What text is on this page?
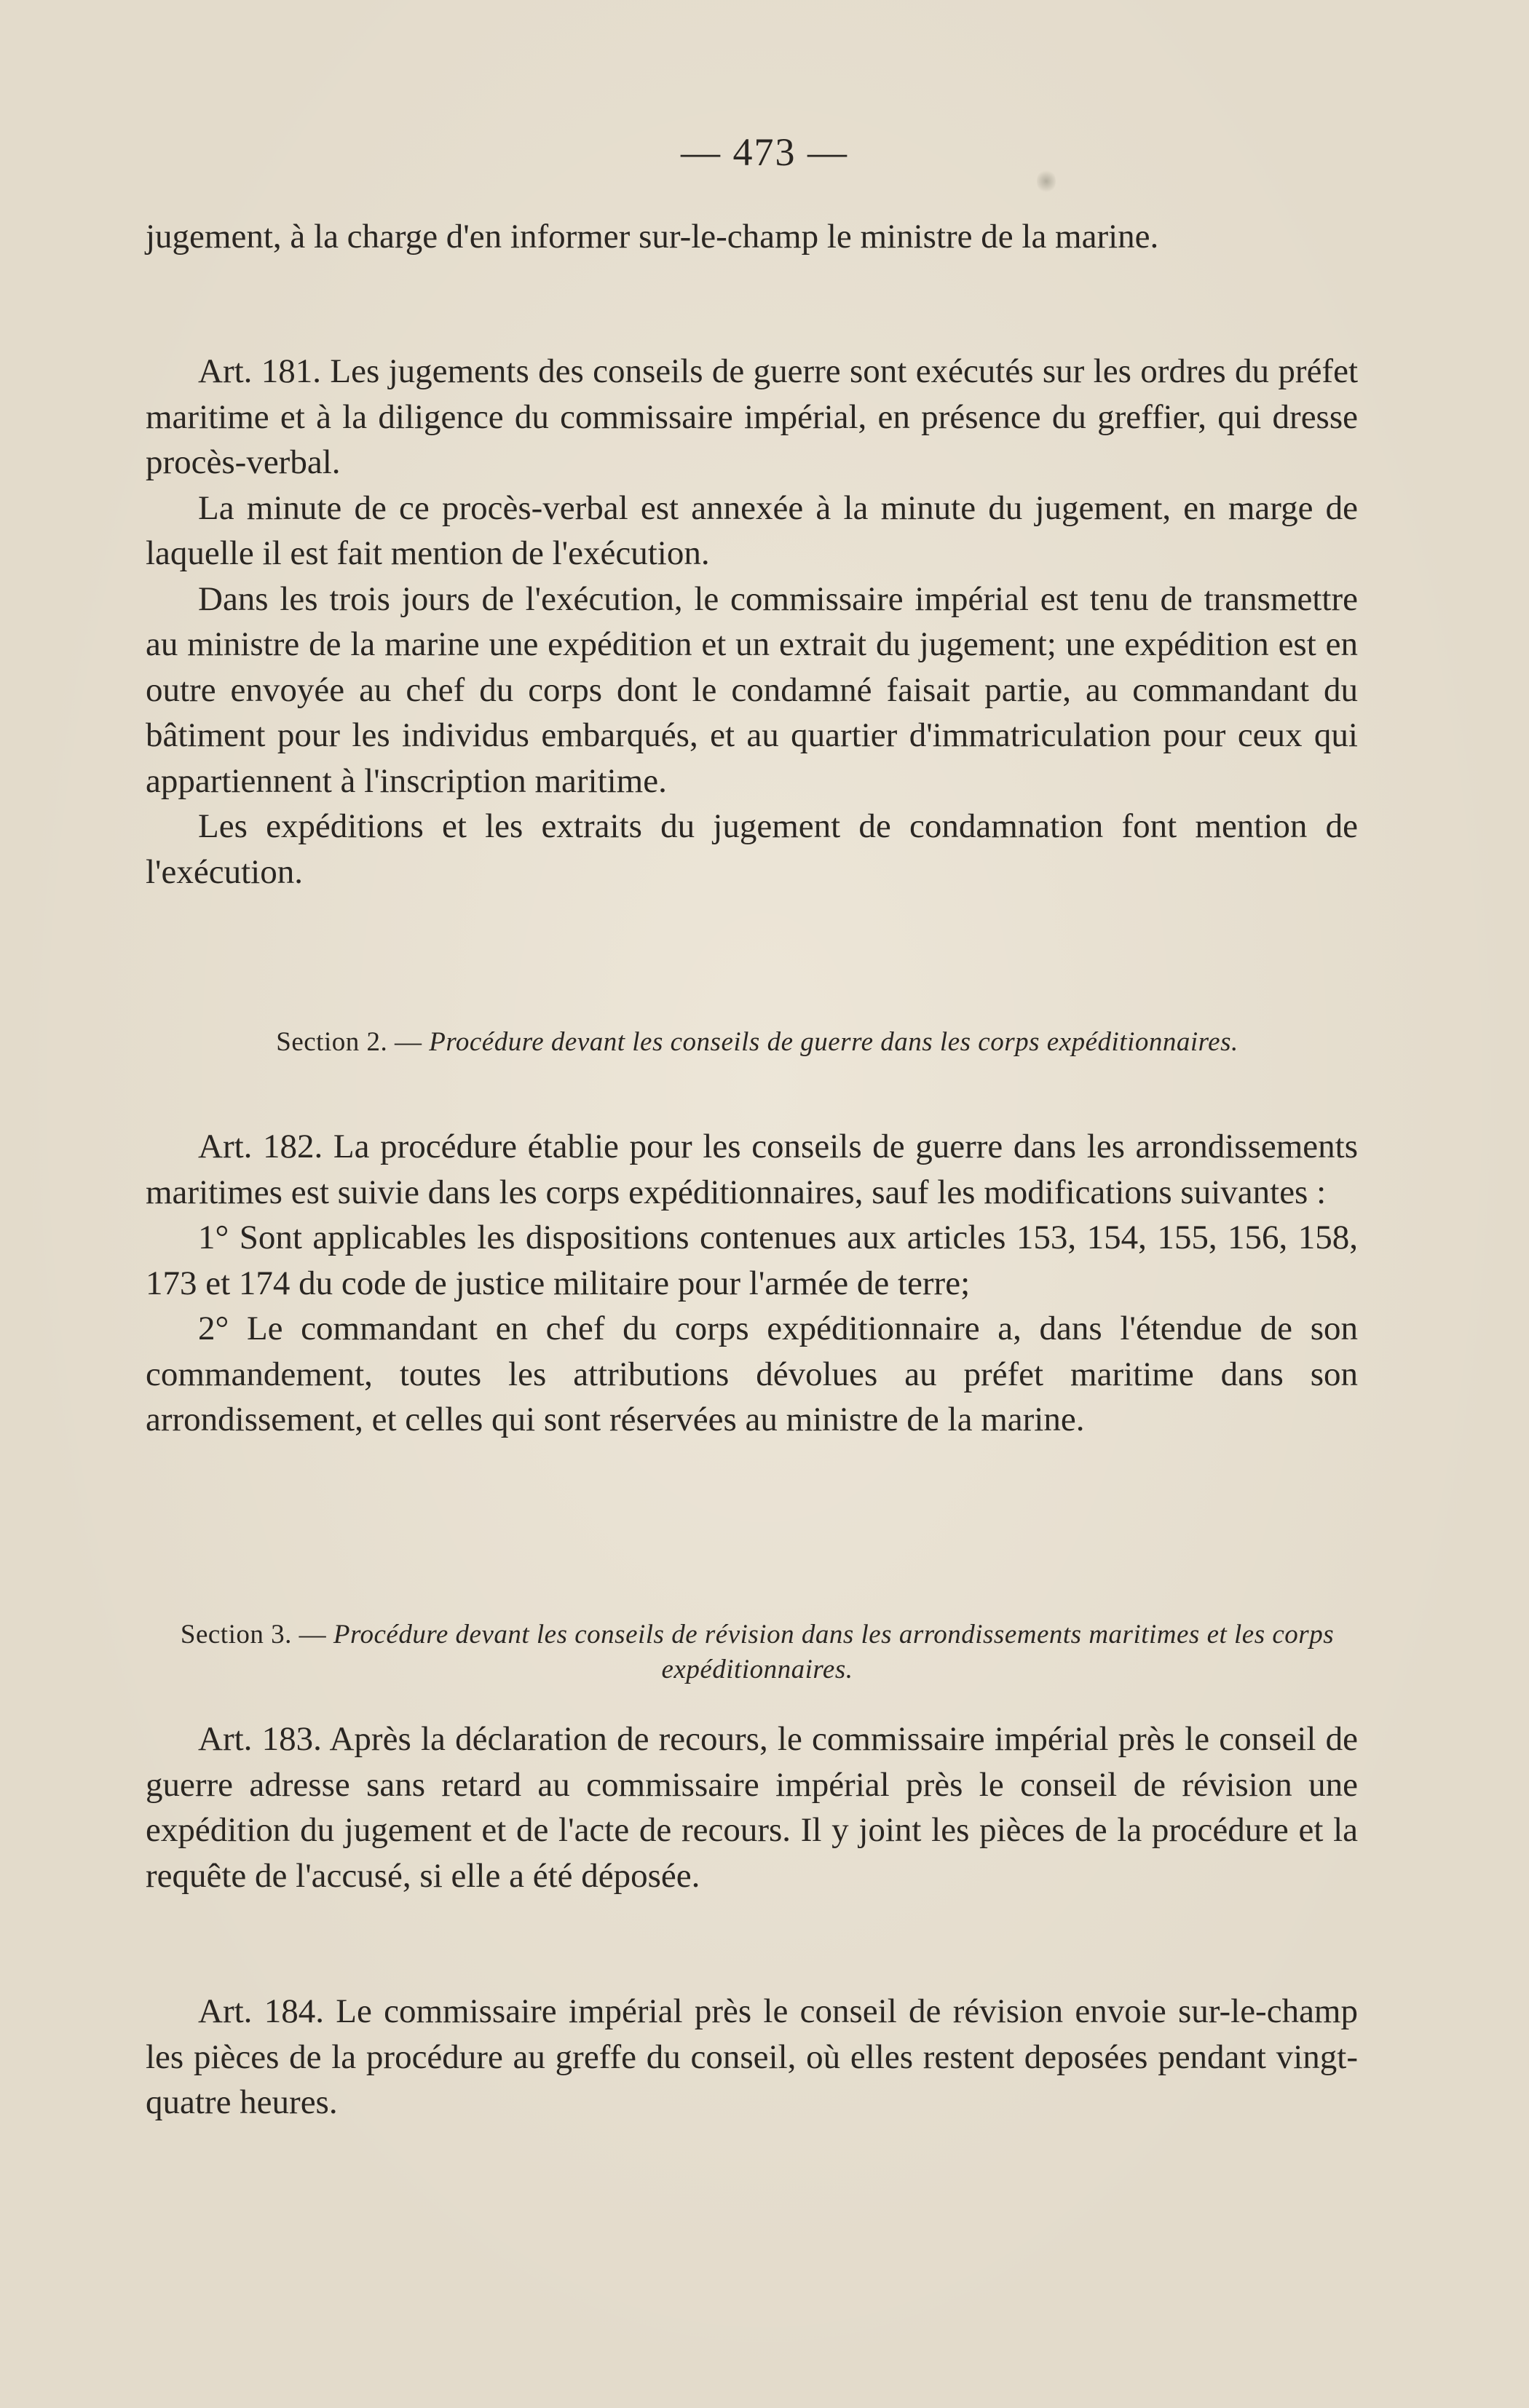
— 473 —

jugement, à la charge d'en informer sur-le-champ le ministre de la marine.

Art. 181. Les jugements des conseils de guerre sont exécutés sur les ordres du préfet maritime et à la diligence du commissaire impérial, en présence du greffier, qui dresse procès-verbal.

La minute de ce procès-verbal est annexée à la minute du jugement, en marge de laquelle il est fait mention de l'exécution.

Dans les trois jours de l'exécution, le commissaire impérial est tenu de transmettre au ministre de la marine une expédition et un extrait du jugement; une expédition est en outre envoyée au chef du corps dont le condamné faisait partie, au commandant du bâtiment pour les individus embarqués, et au quartier d'immatriculation pour ceux qui appartiennent à l'inscription maritime.

Les expéditions et les extraits du jugement de condamnation font mention de l'exécution.

Section 2. — Procédure devant les conseils de guerre dans les corps expéditionnaires.

Art. 182. La procédure établie pour les conseils de guerre dans les arrondissements maritimes est suivie dans les corps expéditionnaires, sauf les modifications suivantes :

1° Sont applicables les dispositions contenues aux articles 153, 154, 155, 156, 158, 173 et 174 du code de justice militaire pour l'armée de terre;

2° Le commandant en chef du corps expéditionnaire a, dans l'étendue de son commandement, toutes les attributions dévolues au préfet maritime dans son arrondissement, et celles qui sont réservées au ministre de la marine.

Section 3. — Procédure devant les conseils de révision dans les arrondissements maritimes et les corps expéditionnaires.

Art. 183. Après la déclaration de recours, le commissaire impérial près le conseil de guerre adresse sans retard au commissaire impérial près le conseil de révision une expédition du jugement et de l'acte de recours. Il y joint les pièces de la procédure et la requête de l'accusé, si elle a été déposée.

Art. 184. Le commissaire impérial près le conseil de révision envoie sur-le-champ les pièces de la procédure au greffe du conseil, où elles restent deposées pendant vingt-quatre heures.
